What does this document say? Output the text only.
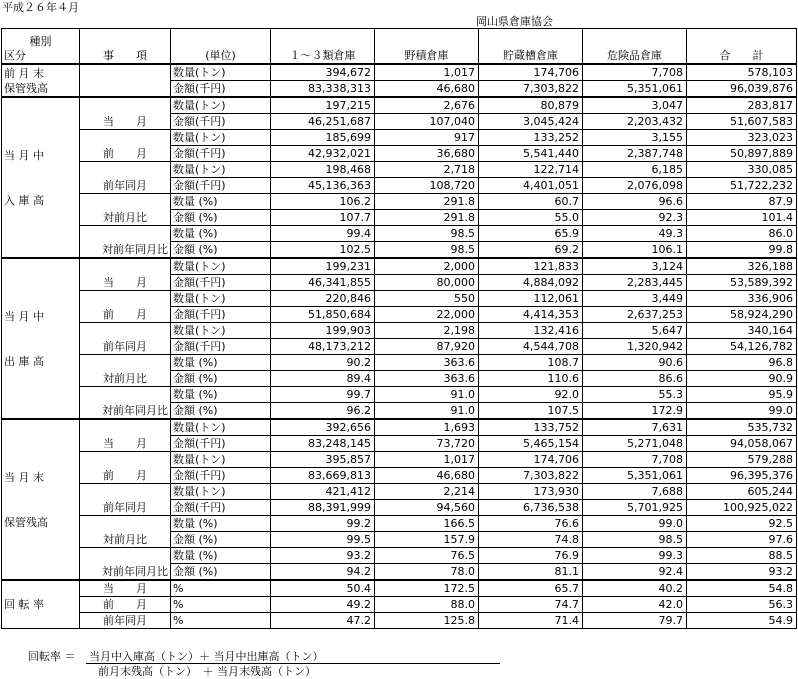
平成２６年４月
岡山県倉庫協会
種別
区分	事　　項	(単位)	１～３類倉庫	野積倉庫	貯蔵槽倉庫	危険品倉庫	合　　計

前 月 末
保管残高		数量(トン)	394,672	1,017	174,706	7,708	578,103
		金額(千円)	83,338,313	46,680	7,303,822	5,351,061	96,039,876

当 月 中
入 庫 高	当　　月	数量(トン)	197,215	2,676	80,879	3,047	283,817
		金額(千円)	46,251,687	107,040	3,045,424	2,203,432	51,607,583
	前　　月	数量(トン)	185,699	917	133,252	3,155	323,023
		金額(千円)	42,932,021	36,680	5,541,440	2,387,748	50,897,889
	前年同月	数量(トン)	198,468	2,718	122,714	6,185	330,085
		金額(千円)	45,136,363	108,720	4,401,051	2,076,098	51,722,232
	対前月比	数量 (%)	106.2	291.8	60.7	96.6	87.9
		金額 (%)	107.7	291.8	55.0	92.3	101.4
	対前年同月比	数量 (%)	99.4	98.5	65.9	49.3	86.0
		金額 (%)	102.5	98.5	69.2	106.1	99.8

当 月 中
出 庫 高	当　　月	数量(トン)	199,231	2,000	121,833	3,124	326,188
		金額(千円)	46,341,855	80,000	4,884,092	2,283,445	53,589,392
	前　　月	数量(トン)	220,846	550	112,061	3,449	336,906
		金額(千円)	51,850,684	22,000	4,414,353	2,637,253	58,924,290
	前年同月	数量(トン)	199,903	2,198	132,416	5,647	340,164
		金額(千円)	48,173,212	87,920	4,544,708	1,320,942	54,126,782
	対前月比	数量 (%)	90.2	363.6	108.7	90.6	96.8
		金額 (%)	89.4	363.6	110.6	86.6	90.9
	対前年同月比	数量 (%)	99.7	91.0	92.0	55.3	95.9
		金額 (%)	96.2	91.0	107.5	172.9	99.0

当 月 末
保管残高	当　　月	数量(トン)	392,656	1,693	133,752	7,631	535,732
		金額(千円)	83,248,145	73,720	5,465,154	5,271,048	94,058,067
	前　　月	数量(トン)	395,857	1,017	174,706	7,708	579,288
		金額(千円)	83,669,813	46,680	7,303,822	5,351,061	96,395,376
	前年同月	数量(トン)	421,412	2,214	173,930	7,688	605,244
		金額(千円)	88,391,999	94,560	6,736,538	5,701,925	100,925,022
	対前月比	数量 (%)	99.2	166.5	76.6	99.0	92.5
		金額 (%)	99.5	157.9	74.8	98.5	97.6
	対前年同月比	数量 (%)	93.2	76.5	76.9	99.3	88.5
		金額 (%)	94.2	78.0	81.1	92.4	93.2

回 転 率	当　　月	%	50.4	172.5	65.7	40.2	54.8
	前　　月	%	49.2	88.0	74.7	42.0	56.3
	前年同月	%	47.2	125.8	71.4	79.7	54.9
回転率 ＝ 当月中入庫高（トン）＋ 当月中出庫高（トン）
前月末残高（トン）　＋ 当月末残高（トン）
